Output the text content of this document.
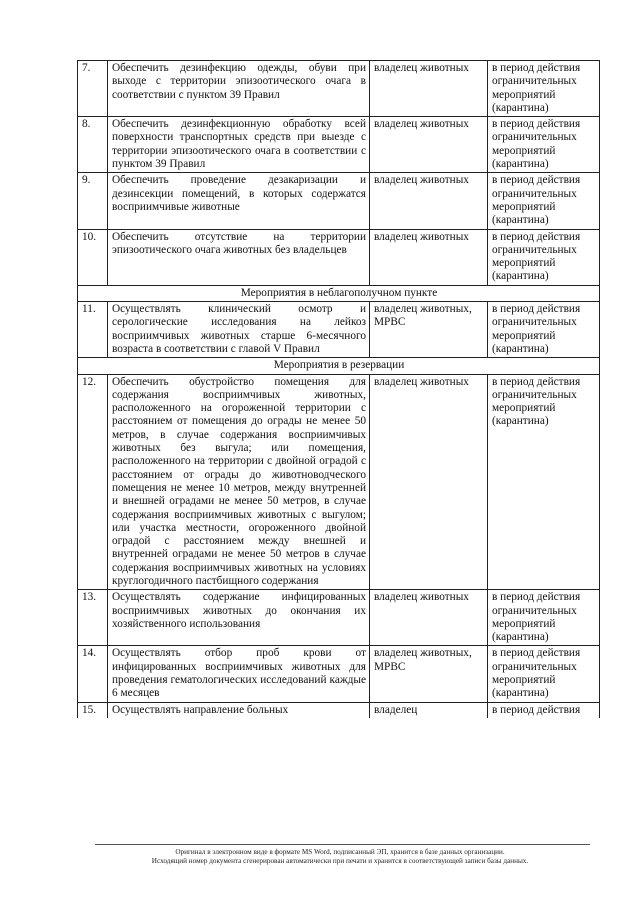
7.	Обеспечить дезинфекцию одежды, обуви при выходе с территории эпизоотического очага в соответствии с пунктом 39 Правил	владелец животных	в период действия ограничительных мероприятий (карантина)
8.	Обеспечить дезинфекционную обработку всей поверхности транспортных средств при выезде с территории эпизоотического очага в соответствии с пунктом 39 Правил	владелец животных	в период действия ограничительных мероприятий (карантина)
9.	Обеспечить проведение дезакаризации и дезинсекции помещений, в которых содержатся восприимчивые животные	владелец животных	в период действия ограничительных мероприятий (карантина)
10.	Обеспечить отсутствие на территории эпизоотического очага животных без владельцев	владелец животных	в период действия ограничительных мероприятий (карантина)
Мероприятия в неблагополучном пункте			
11.	Осуществлять клинический осмотр и серологические исследования на лейкоз восприимчивых животных старше 6-месячного возраста в соответствии с главой V Правил	владелец животных, МРВС	в период действия ограничительных мероприятий (карантина)
Мероприятия в резервации			
12.	Обеспечить обустройство помещения для содержания восприимчивых животных, расположенного на огороженной территории с расстоянием от помещения до ограды не менее 50 метров, в случае содержания восприимчивых животных без выгула; или помещения, расположенного на территории с двойной оградой с расстоянием от ограды до животноводческого помещения не менее 10 метров, между внутренней и внешней оградами не менее 50 метров, в случае содержания восприимчивых животных с выгулом; или участка местности, огороженного двойной оградой с расстоянием между внешней и внутренней оградами не менее 50 метров в случае содержания восприимчивых животных на условиях круглогодичного пастбищного содержания	владелец животных	в период действия ограничительных мероприятий (карантина)
13.	Осуществлять содержание инфицированных восприимчивых животных до окончания их хозяйственного использования	владелец животных	в период действия ограничительных мероприятий (карантина)
14.	Осуществлять отбор проб крови от инфицированных восприимчивых животных для проведения гематологических исследований каждые 6 месяцев	владелец животных, МРВС	в период действия ограничительных мероприятий (карантина)
15.	Осуществлять направление больных	владелец	в период действия
Оригинал в электронном виде в формате MS Word, подписанный ЭП, хранится в базе данных организации.
Исходящий номер документа сгенерирован автоматически при печати и хранится в соответствующей записи базы данных.
